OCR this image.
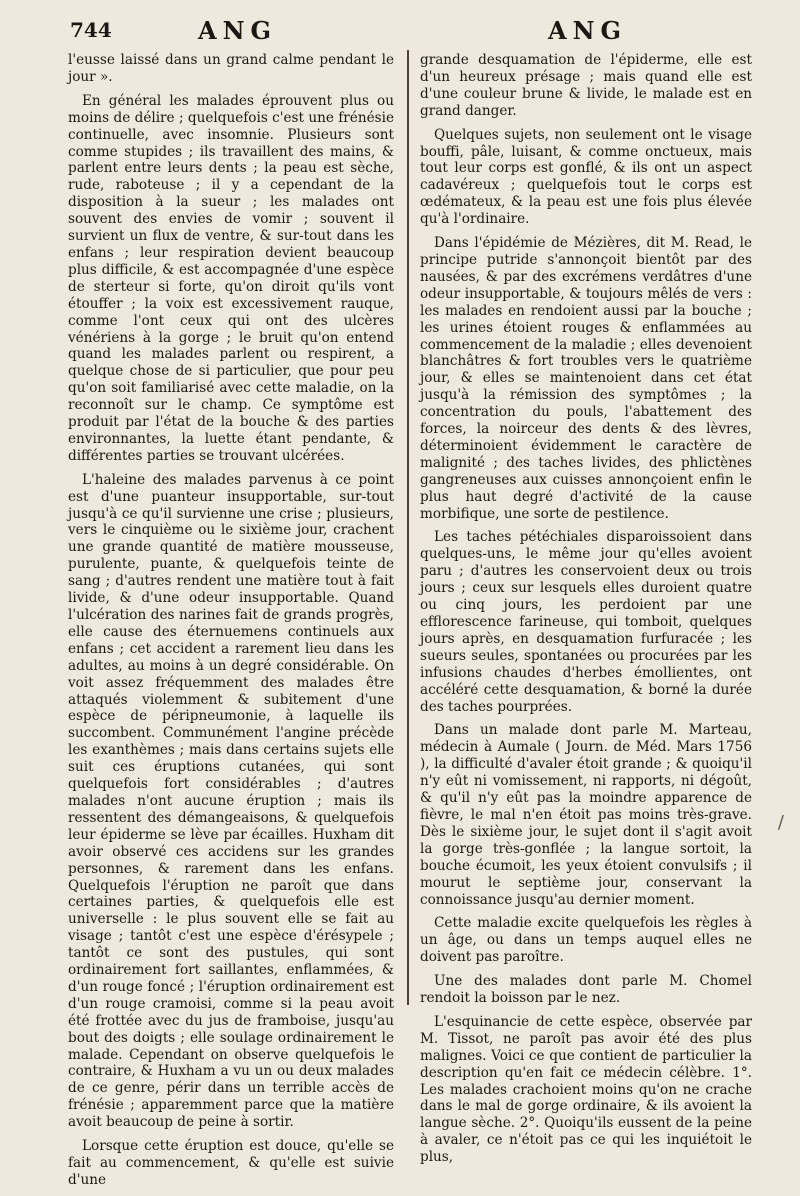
744	ANG	ANG

l'eusse laissé dans un grand calme pendant le jour ».

En général les malades éprouvent plus ou moins de délire ; quelquefois c'est une frénésie continuelle, avec insomnie. Plusieurs sont comme stupides ; ils travaillent des mains, & parlent entre leurs dents ; la peau est sèche, rude, raboteuse ; il y a cependant de la disposition à la sueur ; les malades ont souvent des envies de vomir ; souvent il survient un flux de ventre, & sur-tout dans les enfans ; leur respiration devient beaucoup plus difficile, & est accompagnée d'une espèce de sterteur si forte, qu'on diroit qu'ils vont étouffer ; la voix est excessivement rauque, comme l'ont ceux qui ont des ulcères vénériens à la gorge ; le bruit qu'on entend quand les malades parlent ou respirent, a quelque chose de si particulier, que pour peu qu'on soit familiarisé avec cette maladie, on la reconnoît sur le champ. Ce symptôme est produit par l'état de la bouche & des parties environnantes, la luette étant pendante, & différentes parties se trouvant ulcérées.

L'haleine des malades parvenus à ce point est d'une puanteur insupportable, sur-tout jusqu'à ce qu'il survienne une crise ; plusieurs, vers le cinquième ou le sixième jour, crachent une grande quantité de matière mousseuse, purulente, puante, & quelquefois teinte de sang ; d'autres rendent une matière tout à fait livide, & d'une odeur insupportable. Quand l'ulcération des narines fait de grands progrès, elle cause des éternuemens continuels aux enfans ; cet accident a rarement lieu dans les adultes, au moins à un degré considérable. On voit assez fréquemment des malades être attaqués violemment & subitement d'une espèce de péripneumonie, à laquelle ils succombent. Communément l'angine précède les exanthèmes ; mais dans certains sujets elle suit ces éruptions cutanées, qui sont quelquefois fort considérables ; d'autres malades n'ont aucune éruption ; mais ils ressentent des démangeaisons, & quelquefois leur épiderme se lève par écailles. Huxham dit avoir observé ces accidens sur les grandes personnes, & rarement dans les enfans. Quelquefois l'éruption ne paroît que dans certaines parties, & quelquefois elle est universelle : le plus souvent elle se fait au visage ; tantôt c'est une espèce d'érésypele ; tantôt ce sont des pustules, qui sont ordinairement fort saillantes, enflammées, & d'un rouge foncé ; l'éruption ordinairement est d'un rouge cramoisi, comme si la peau avoit été frottée avec du jus de framboise, jusqu'au bout des doigts ; elle soulage ordinairement le malade. Cependant on observe quelquefois le contraire, & Huxham a vu un ou deux malades de ce genre, périr dans un terrible accès de frénésie ; apparemment parce que la matière avoit beaucoup de peine à sortir.

Lorsque cette éruption est douce, qu'elle se fait au commencement, & qu'elle est suivie d'une

grande desquamation de l'épiderme, elle est d'un heureux présage ; mais quand elle est d'une couleur brune & livide, le malade est en grand danger.

Quelques sujets, non seulement ont le visage bouffi, pâle, luisant, & comme onctueux, mais tout leur corps est gonflé, & ils ont un aspect cadavéreux ; quelquefois tout le corps est œdémateux, & la peau est une fois plus élevée qu'à l'ordinaire.

Dans l'épidémie de Mézières, dit M. Read, le principe putride s'annonçoit bientôt par des nausées, & par des excrémens verdâtres d'une odeur insupportable, & toujours mêlés de vers : les malades en rendoient aussi par la bouche ; les urines étoient rouges & enflammées au commencement de la maladie ; elles devenoient blanchâtres & fort troubles vers le quatrième jour, & elles se maintenoient dans cet état jusqu'à la rémission des symptômes ; la concentration du pouls, l'abattement des forces, la noirceur des dents & des lèvres, déterminoient évidemment le caractère de malignité ; des taches livides, des phlictènes gangreneuses aux cuisses annonçoient enfin le plus haut degré d'activité de la cause morbifique, une sorte de pestilence.

Les taches pétéchiales disparoissoient dans quelques-uns, le même jour qu'elles avoient paru ; d'autres les conservoient deux ou trois jours ; ceux sur lesquels elles duroient quatre ou cinq jours, les perdoient par une efflorescence farineuse, qui tomboit, quelques jours après, en desquamation furfuracée ; les sueurs seules, spontanées ou procurées par les infusions chaudes d'herbes émollientes, ont accéléré cette desquamation, & borné la durée des taches pourprées.

Dans un malade dont parle M. Marteau, médecin à Aumale ( Journ. de Méd. Mars 1756 ), la difficulté d'avaler étoit grande ; & quoiqu'il n'y eût ni vomissement, ni rapports, ni dégoût, & qu'il n'y eût pas la moindre apparence de fièvre, le mal n'en étoit pas moins très-grave. Dès le sixième jour, le sujet dont il s'agit avoit la gorge très-gonflée ; la langue sortoit, la bouche écumoit, les yeux étoient convulsifs ; il mourut le septième jour, conservant la connoissance jusqu'au dernier moment.

Cette maladie excite quelquefois les règles à un âge, ou dans un temps auquel elles ne doivent pas paroître.

Une des malades dont parle M. Chomel rendoit la boisson par le nez.

L'esquinancie de cette espèce, observée par M. Tissot, ne paroît pas avoir été des plus malignes. Voici ce que contient de particulier la description qu'en fait ce médecin célèbre. 1°. Les malades crachoient moins qu'on ne crache dans le mal de gorge ordinaire, & ils avoient la langue sèche. 2°. Quoiqu'ils eussent de la peine à avaler, ce n'étoit pas ce qui les inquiétoit le plus,

/
